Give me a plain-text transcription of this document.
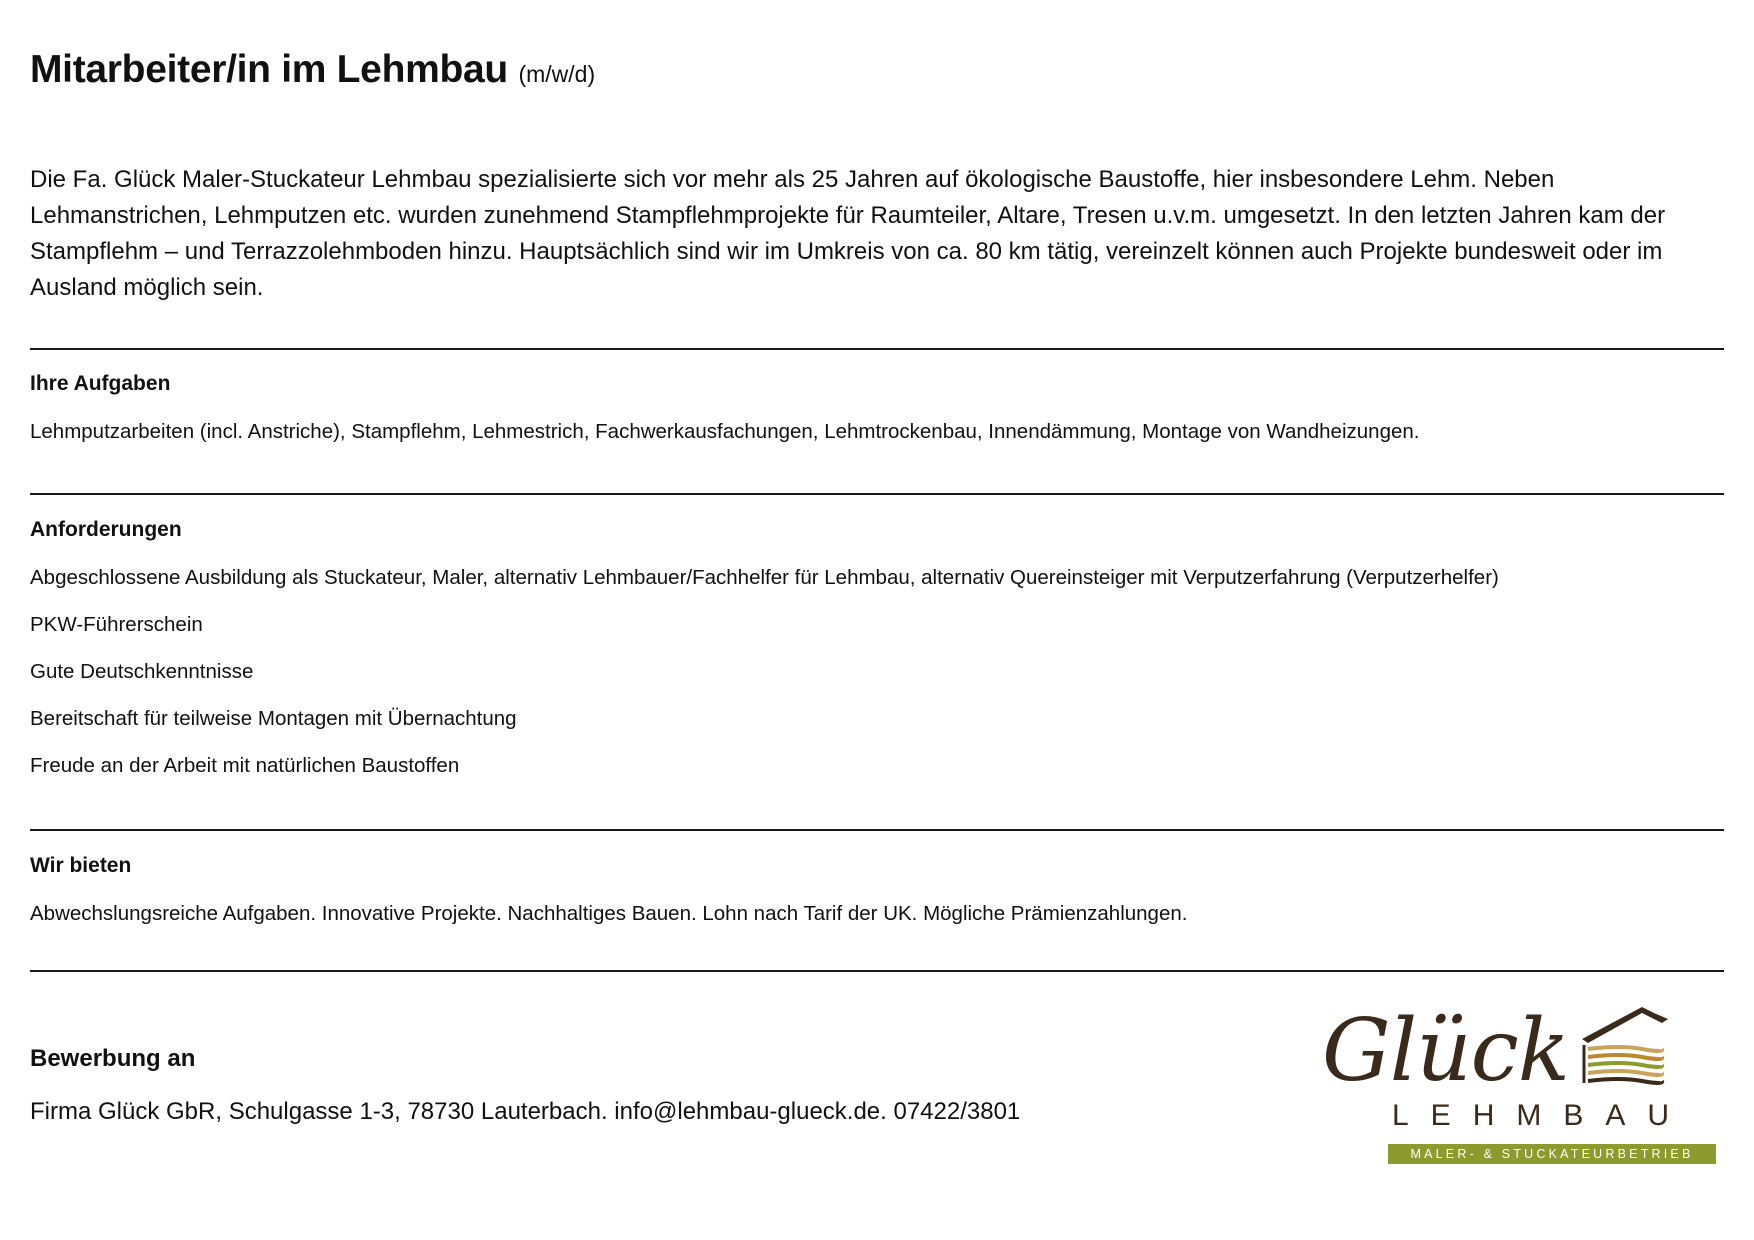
Mitarbeiter/in im Lehmbau (m/w/d)

Die Fa. Glück Maler-Stuckateur Lehmbau spezialisierte sich vor mehr als 25 Jahren auf ökologische Baustoffe, hier insbesondere Lehm. Neben Lehmanstrichen, Lehmputzen etc. wurden zunehmend Stampflehmprojekte für Raumteiler, Altare, Tresen u.v.m. umgesetzt. In den letzten Jahren kam der Stampflehm – und Terrazzolehmboden hinzu. Hauptsächlich sind wir im Umkreis von ca. 80 km tätig, vereinzelt können auch Projekte bundesweit oder im Ausland möglich sein.

Ihre Aufgaben

Lehmputzarbeiten (incl. Anstriche), Stampflehm, Lehmestrich, Fachwerkausfachungen, Lehmtrockenbau, Innendämmung, Montage von Wandheizungen.

Anforderungen

Abgeschlossene Ausbildung als Stuckateur, Maler, alternativ Lehmbauer/Fachhelfer für Lehmbau, alternativ Quereinsteiger mit Verputzerfahrung (Verputzerhelfer)

PKW-Führerschein

Gute Deutschkenntnisse

Bereitschaft für teilweise Montagen mit Übernachtung

Freude an der Arbeit mit natürlichen Baustoffen

Wir bieten

Abwechslungsreiche Aufgaben. Innovative Projekte. Nachhaltiges Bauen. Lohn nach Tarif der UK. Mögliche Prämienzahlungen.

Bewerbung an

Firma Glück GbR, Schulgasse 1-3, 78730 Lauterbach. info@lehmbau-glueck.de. 07422/3801

Glück
LEHMBAU
MALER- & STUCKATEURBETRIEB
